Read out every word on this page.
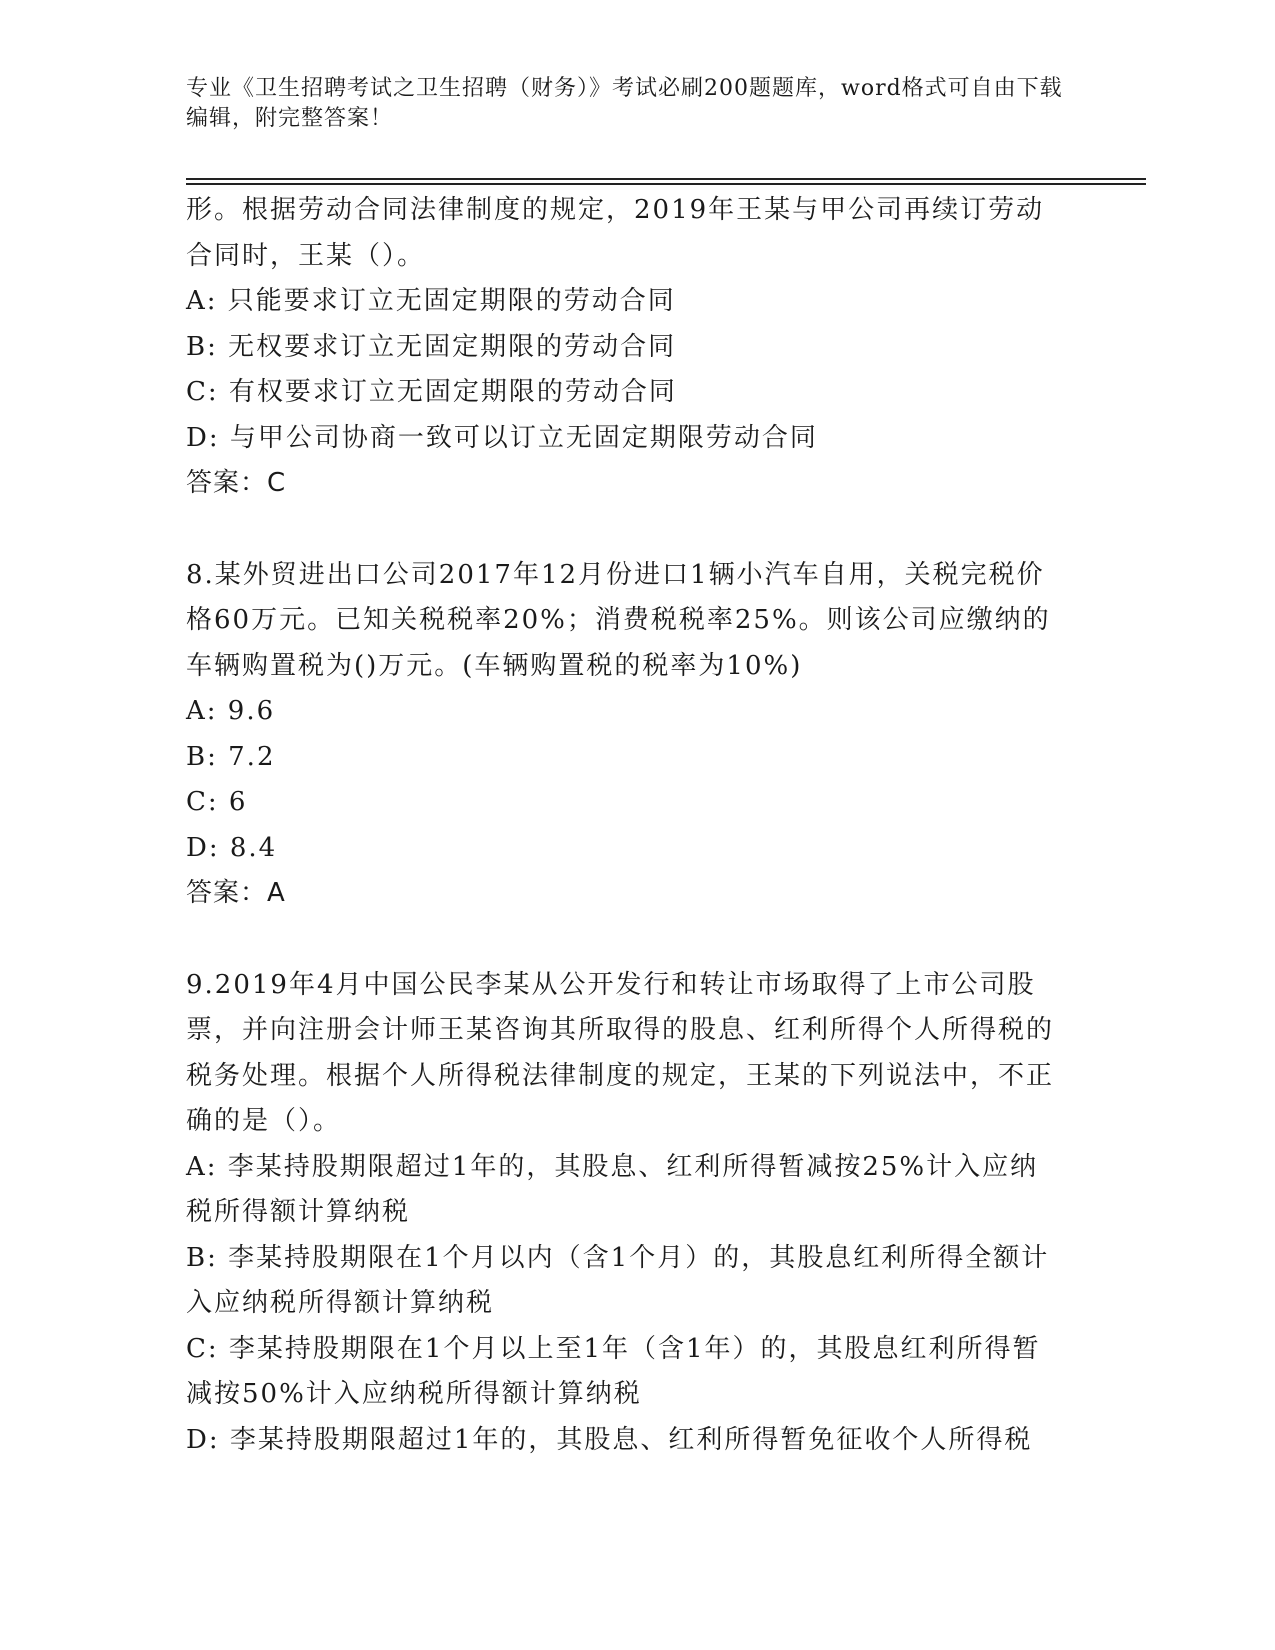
专业《卫生招聘考试之卫生招聘（财务）》考试必刷200题题库，word格式可自由下载编辑，附完整答案！

形。根据劳动合同法律制度的规定，2019年王某与甲公司再续订劳动合同时，王某（）。

A: 只能要求订立无固定期限的劳动合同

B: 无权要求订立无固定期限的劳动合同

C: 有权要求订立无固定期限的劳动合同

D: 与甲公司协商一致可以订立无固定期限劳动合同

答案：C

8.某外贸进出口公司2017年12月份进口1辆小汽车自用，关税完税价格60万元。已知关税税率20%；消费税税率25%。则该公司应缴纳的车辆购置税为()万元。(车辆购置税的税率为10%)

A: 9.6

B: 7.2

C: 6

D: 8.4

答案：A

9.2019年4月中国公民李某从公开发行和转让市场取得了上市公司股票，并向注册会计师王某咨询其所取得的股息、红利所得个人所得税的税务处理。根据个人所得税法律制度的规定，王某的下列说法中，不正确的是（）。

A: 李某持股期限超过1年的，其股息、红利所得暂减按25%计入应纳税所得额计算纳税

B: 李某持股期限在1个月以内（含1个月）的，其股息红利所得全额计入应纳税所得额计算纳税

C: 李某持股期限在1个月以上至1年（含1年）的，其股息红利所得暂减按50%计入应纳税所得额计算纳税

D: 李某持股期限超过1年的，其股息、红利所得暂免征收个人所得税
